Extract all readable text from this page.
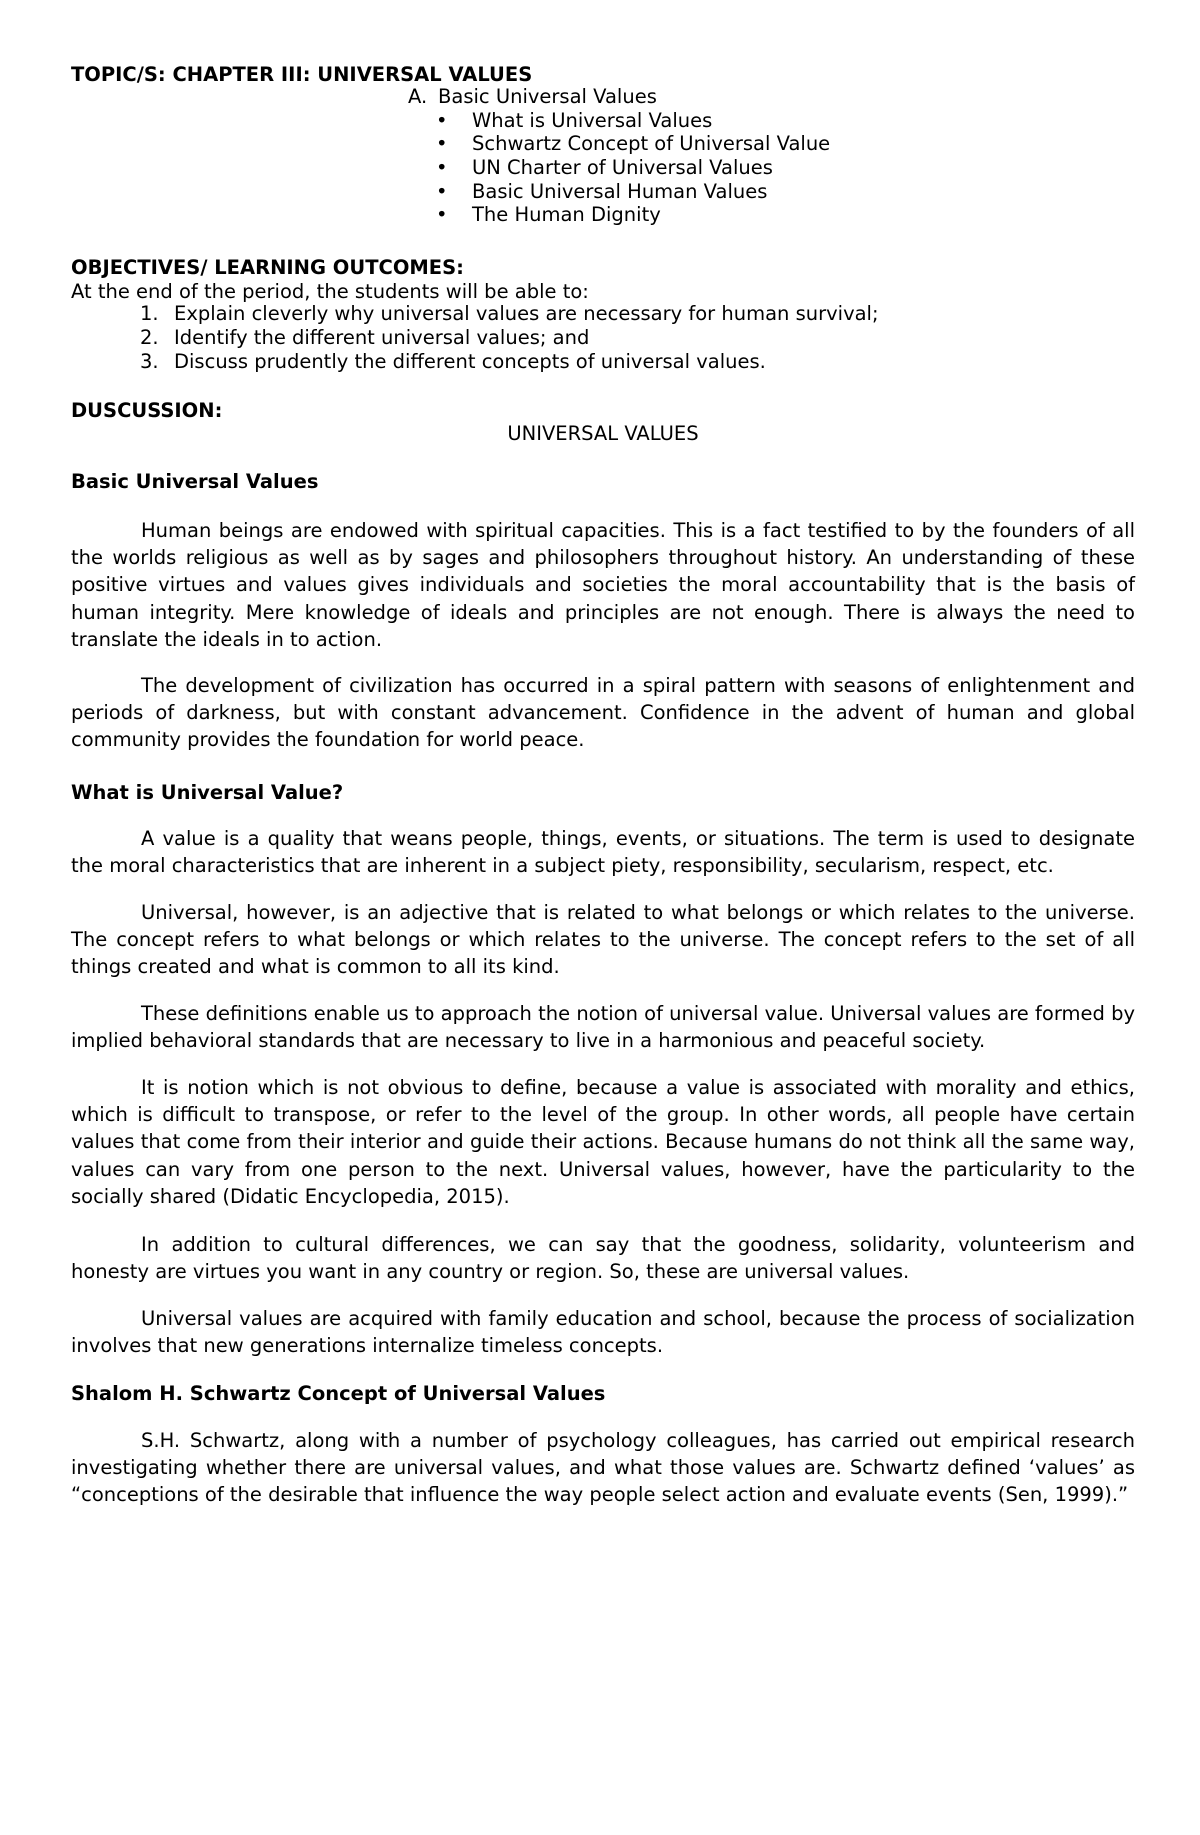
TOPIC/S: CHAPTER III: UNIVERSAL VALUES
A. Basic Universal Values
• What is Universal Values
• Schwartz Concept of Universal Value
• UN Charter of Universal Values
• Basic Universal Human Values
• The Human Dignity
OBJECTIVES/ LEARNING OUTCOMES:
At the end of the period, the students will be able to:
1. Explain cleverly why universal values are necessary for human survival;
2. Identify the different universal values; and
3. Discuss prudently the different concepts of universal values.
DUSCUSSION:
UNIVERSAL VALUES
Basic Universal Values

Human beings are endowed with spiritual capacities. This is a fact testified to by the founders of all the worlds religious as well as by sages and philosophers throughout history. An understanding of these positive virtues and values gives individuals and societies the moral accountability that is the basis of human integrity. Mere knowledge of ideals and principles are not enough. There is always the need to translate the ideals in to action.

The development of civilization has occurred in a spiral pattern with seasons of enlightenment and periods of darkness, but with constant advancement. Confidence in the advent of human and global community provides the foundation for world peace.

What is Universal Value?

A value is a quality that weans people, things, events, or situations. The term is used to designate the moral characteristics that are inherent in a subject piety, responsibility, secularism, respect, etc.

Universal, however, is an adjective that is related to what belongs or which relates to the universe. The concept refers to what belongs or which relates to the universe. The concept refers to the set of all things created and what is common to all its kind.

These definitions enable us to approach the notion of universal value. Universal values are formed by implied behavioral standards that are necessary to live in a harmonious and peaceful society.

It is notion which is not obvious to define, because a value is associated with morality and ethics, which is difficult to transpose, or refer to the level of the group. In other words, all people have certain values that come from their interior and guide their actions. Because humans do not think all the same way, values can vary from one person to the next. Universal values, however, have the particularity to the socially shared (Didatic Encyclopedia, 2015).

In addition to cultural differences, we can say that the goodness, solidarity, volunteerism and honesty are virtues you want in any country or region. So, these are universal values.

Universal values are acquired with family education and school, because the process of socialization involves that new generations internalize timeless concepts.

Shalom H. Schwartz Concept of Universal Values

S.H. Schwartz, along with a number of psychology colleagues, has carried out empirical research investigating whether there are universal values, and what those values are. Schwartz defined ‘values’ as “conceptions of the desirable that influence the way people select action and evaluate events (Sen, 1999).”
